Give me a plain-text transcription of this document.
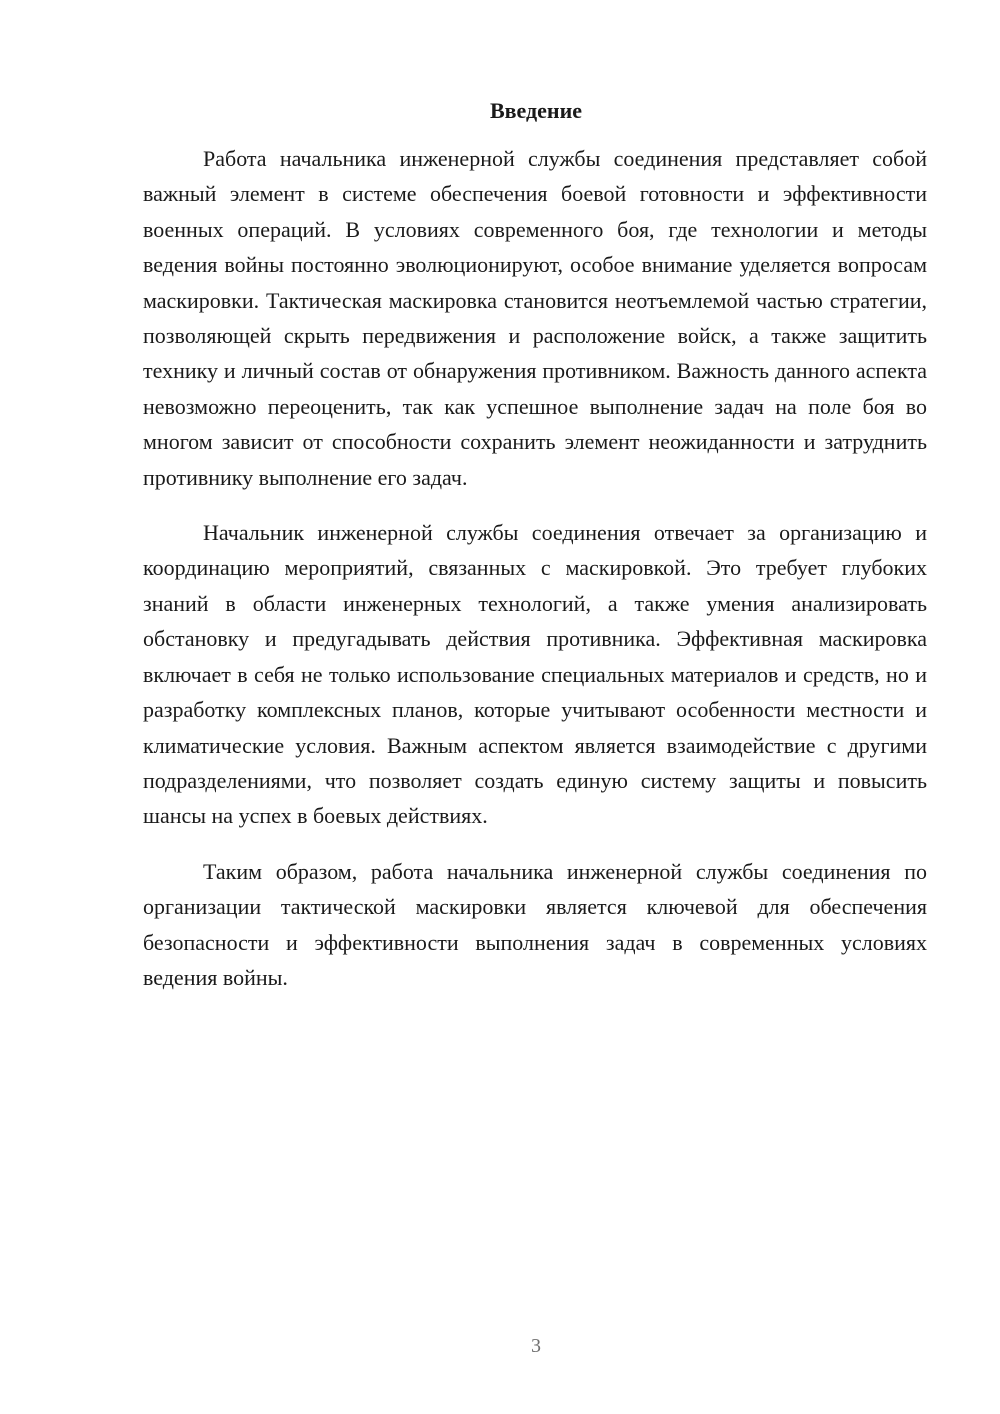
Введение

Работа начальника инженерной службы соединения представляет собой важный элемент в системе обеспечения боевой готовности и эффективности военных операций. В условиях современного боя, где технологии и методы ведения войны постоянно эволюционируют, особое внимание уделяется вопросам маскировки. Тактическая маскировка становится неотъемлемой частью стратегии, позволяющей скрыть передвижения и расположение войск, а также защитить технику и личный состав от обнаружения противником. Важность данного аспекта невозможно переоценить, так как успешное выполнение задач на поле боя во многом зависит от способности сохранить элемент неожиданности и затруднить противнику выполнение его задач.

Начальник инженерной службы соединения отвечает за организацию и координацию мероприятий, связанных с маскировкой. Это требует глубоких знаний в области инженерных технологий, а также умения анализировать обстановку и предугадывать действия противника. Эффективная маскировка включает в себя не только использование специальных материалов и средств, но и разработку комплексных планов, которые учитывают особенности местности и климатические условия. Важным аспектом является взаимодействие с другими подразделениями, что позволяет создать единую систему защиты и повысить шансы на успех в боевых действиях.

Таким образом, работа начальника инженерной службы соединения по организации тактической маскировки является ключевой для обеспечения безопасности и эффективности выполнения задач в современных условиях ведения войны.

3
